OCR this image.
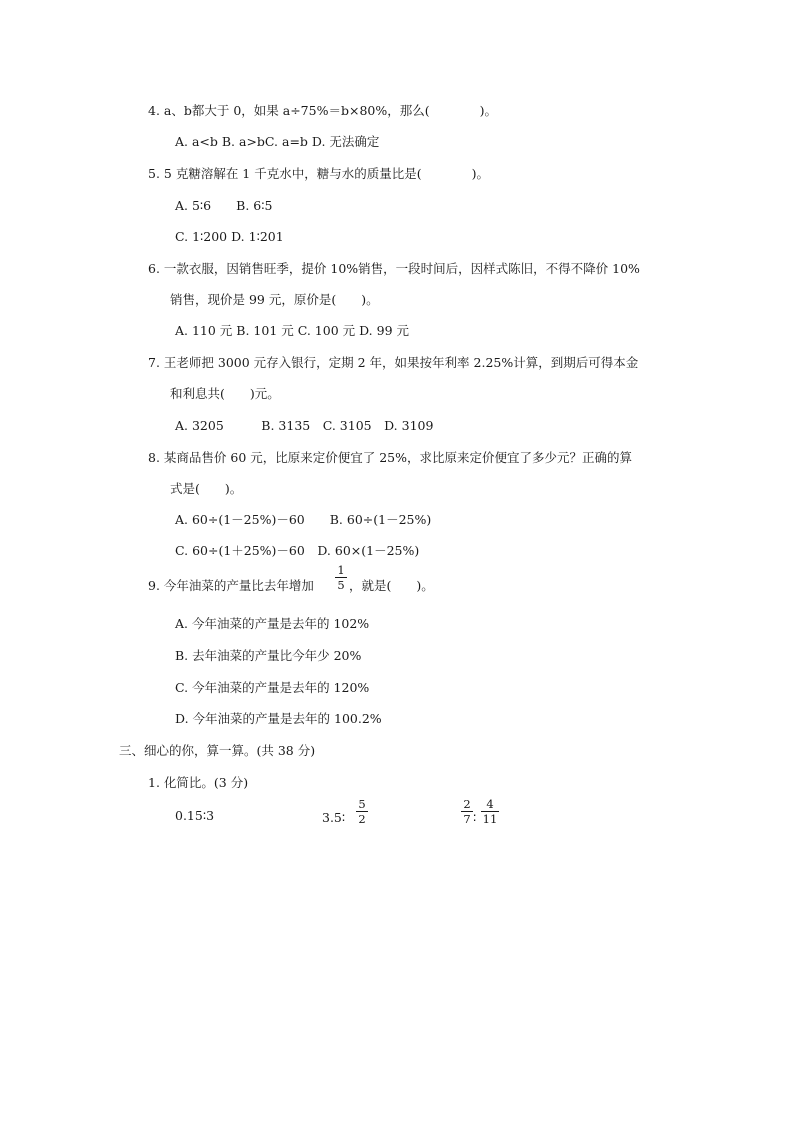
4. a、b都大于 0，如果 a÷75%＝b×80%，那么(　　　　)。
A. a<b B. a>bC. a=b D. 无法确定
5. 5 克糖溶解在 1 千克水中，糖与水的质量比是(　　　　)。
A. 5∶6　　B. 6∶5
C. 1∶200 D. 1∶201
6. 一款衣服，因销售旺季，提价 10%销售，一段时间后，因样式陈旧，不得不降价 10%
销售，现价是 99 元，原价是(　　)。
A. 110 元 B. 101 元 C. 100 元 D. 99 元
7. 王老师把 3000 元存入银行，定期 2 年，如果按年利率 2.25%计算，到期后可得本金
和利息共(　　)元。
A. 3205　　　B. 3135　C. 3105　D. 3109
8. 某商品售价 60 元，比原来定价便宜了 25%，求比原来定价便宜了多少元？正确的算
式是(　　)。
A. 60÷(1－25%)－60　　B. 60÷(1－25%)
C. 60÷(1＋25%)－60　D. 60×(1－25%)
9. 今年油菜的产量比去年增加
1
5 ，就是(　　)。
A. 今年油菜的产量是去年的 102%
B. 去年油菜的产量比今年少 20%
C. 今年油菜的产量是去年的 120%
D. 今年油菜的产量是去年的 100.2%
三、细心的你，算一算。(共 38 分)
1. 化简比。(3 分)
0.15∶3	3.5∶
5
2
2
7 ∶
4
11
